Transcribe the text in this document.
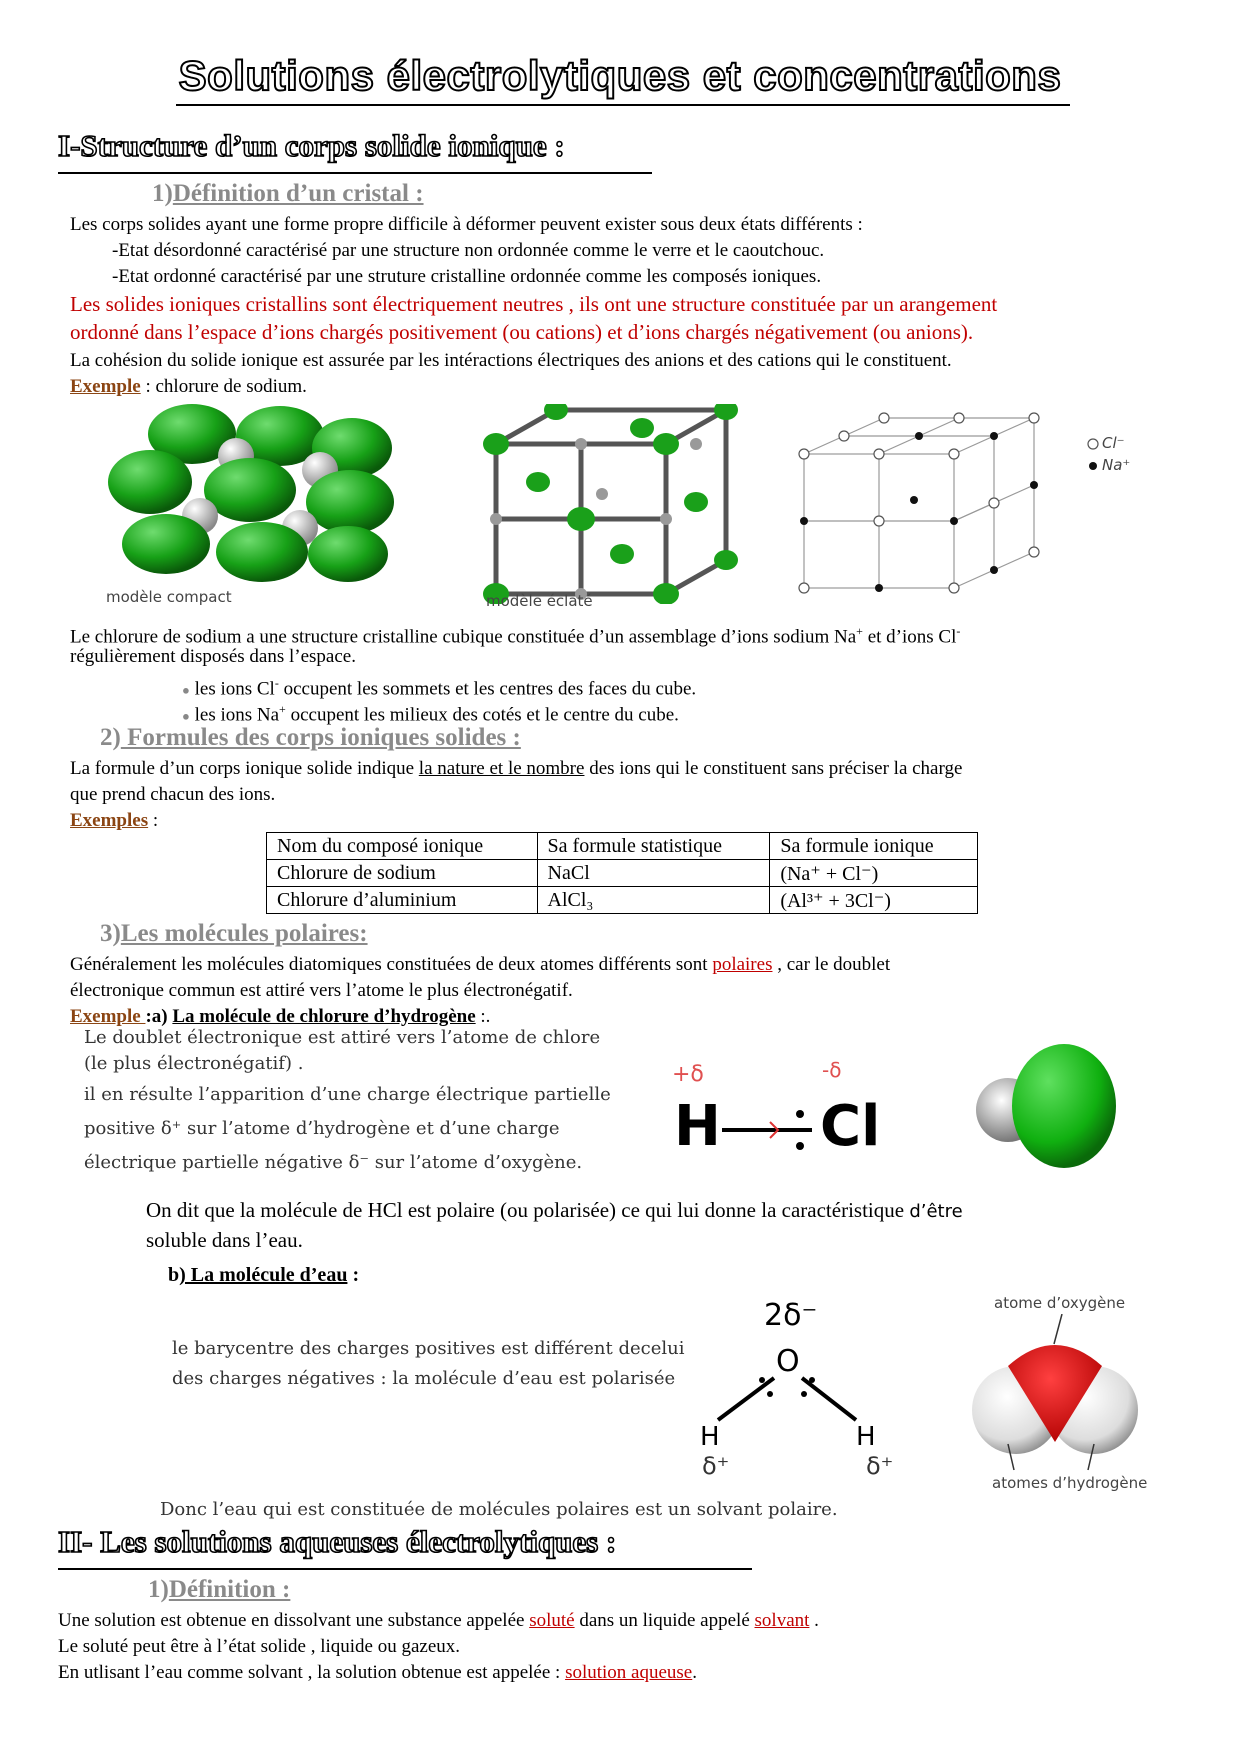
Solutions électrolytiques et concentrations
I-Structure d’un corps solide ionique :
1)Définition d’un cristal :
Les corps solides ayant une forme propre difficile à déformer peuvent exister sous deux états différents :
-Etat désordonné caractérisé par une structure non ordonnée comme le verre et le caoutchouc.
-Etat ordonné caractérisé par une struture cristalline ordonnée comme les composés ioniques.
Les solides ioniques cristallins sont électriquement neutres , ils ont une structure constituée par un arangement
ordonné dans l’espace d’ions chargés positivement (ou cations) et d’ions chargés négativement (ou anions).
La cohésion du solide ionique est assurée par les intéractions électriques des anions et des cations qui le constituent.
Exemple : chlorure de sodium.
modèle compact	modèle éclaté
Cl⁻
Na⁺
Le chlorure de sodium a une structure cristalline cubique constituée d’un assemblage d’ions sodium Na+ et d’ions Cl-
régulièrement disposés dans l’espace.
● les ions Cl- occupent les sommets et les centres des faces du cube.
● les ions Na+ occupent les milieux des cotés et le centre du cube.
2) Formules des corps ioniques solides :
La formule d’un corps ionique solide indique la nature et le nombre des ions qui le constituent sans préciser la charge
que prend chacun des ions.
Exemples :
Nom du composé ionique	Sa formule statistique	Sa formule ionique
Chlorure de sodium	NaCl	(Na⁺ + Cl⁻)
Chlorure d’aluminium	AlCl₃	(Al³⁺ + 3Cl⁻)
3)Les molécules polaires:
Généralement les molécules diatomiques constituées de deux atomes différents sont polaires , car le doublet
électronique commun est attiré vers l’atome le plus électronégatif.
Exemple :a) La molécule de chlorure d’hydrogène :.
Le doublet électronique est attiré vers l’atome de chlore
(le plus électronégatif) .
il en résulte l’apparition d’une charge électrique partielle
positive δ⁺ sur l’atome d’hydrogène et d’une charge
électrique partielle négative δ⁻ sur l’atome d’oxygène.
+δ	-δ
H Cl
On dit que la molécule de HCl est polaire (ou polarisée) ce qui lui donne la caractéristique d’être
soluble dans l’eau.
b) La molécule d’eau :
le barycentre des charges positives est différent decelui
des charges négatives : la molécule d’eau est polarisée
2δ⁻
O
H	H
δ⁺	δ⁺
atome d’oxygène
atomes d’hydrogène
Donc l’eau qui est constituée de molécules polaires est un solvant polaire.
II- Les solutions aqueuses électrolytiques :
1)Définition :
Une solution est obtenue en dissolvant une substance appelée soluté dans un liquide appelé solvant .
Le soluté peut être à l’état solide , liquide ou gazeux.
En utlisant l’eau comme solvant , la solution obtenue est appelée : solution aqueuse.
